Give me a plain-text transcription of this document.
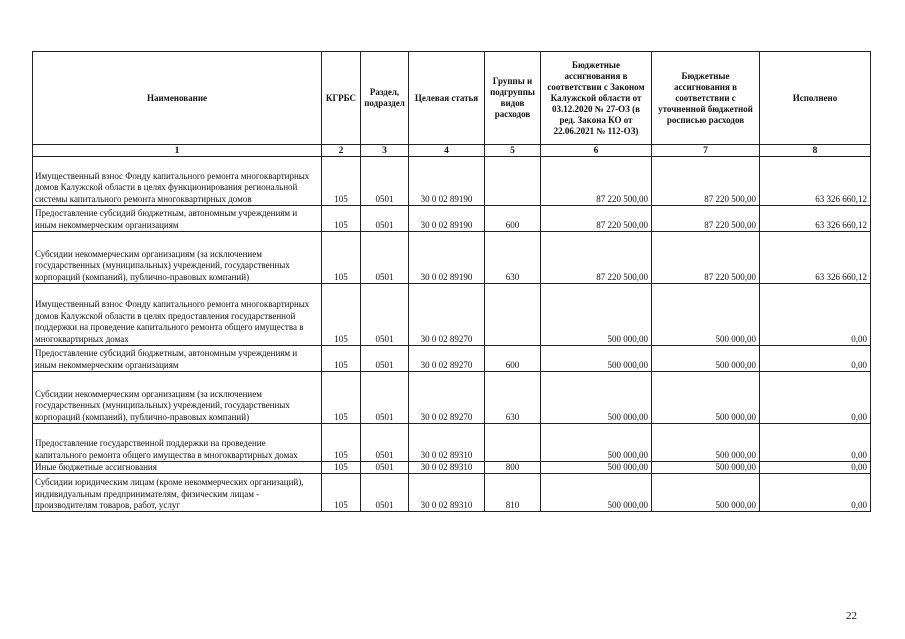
Наименование	КГРБС	Раздел, подраздел	Целевая статья	Группы и подгруппы видов расходов	Бюджетные ассигнования в соответствии с Законом Калужской области от 03.12.2020 № 27-ОЗ (в ред. Закона КО от 22.06.2021 № 112-ОЗ)	Бюджетные ассигнования в соответствии с уточненной бюджетной росписью расходов	Исполнено
1	2	3	4	5	6	7	8
Имущественный взнос Фонду капитального ремонта многоквартирных домов Калужской области в целях функционирования региональной системы капитального ремонта многоквартирных домов	105	0501	30 0 02 89190		87 220 500,00	87 220 500,00	63 326 660,12
Предоставление субсидий бюджетным, автономным учреждениям и иным некоммерческим организациям	105	0501	30 0 02 89190	600	87 220 500,00	87 220 500,00	63 326 660,12
Субсидии некоммерческим организациям (за исключением государственных (муниципальных) учреждений, государственных корпораций (компаний), публично-правовых компаний)	105	0501	30 0 02 89190	630	87 220 500,00	87 220 500,00	63 326 660,12
Имущественный взнос Фонду капитального ремонта многоквартирных домов Калужской области в целях предоставления государственной поддержки на проведение капитального ремонта общего имущества в многоквартирных домах	105	0501	30 0 02 89270		500 000,00	500 000,00	0,00
Предоставление субсидий бюджетным, автономным учреждениям и иным некоммерческим организациям	105	0501	30 0 02 89270	600	500 000,00	500 000,00	0,00
Субсидии некоммерческим организациям (за исключением государственных (муниципальных) учреждений, государственных корпораций (компаний), публично-правовых компаний)	105	0501	30 0 02 89270	630	500 000,00	500 000,00	0,00
Предоставление государственной поддержки на проведение капитального ремонта общего имущества в многоквартирных домах	105	0501	30 0 02 89310		500 000,00	500 000,00	0,00
Иные бюджетные ассигнования	105	0501	30 0 02 89310	800	500 000,00	500 000,00	0,00
Субсидии юридическим лицам (кроме некоммерческих организаций), индивидуальным предпринимателям, физическим лицам - производителям товаров, работ, услуг	105	0501	30 0 02 89310	810	500 000,00	500 000,00	0,00
22
